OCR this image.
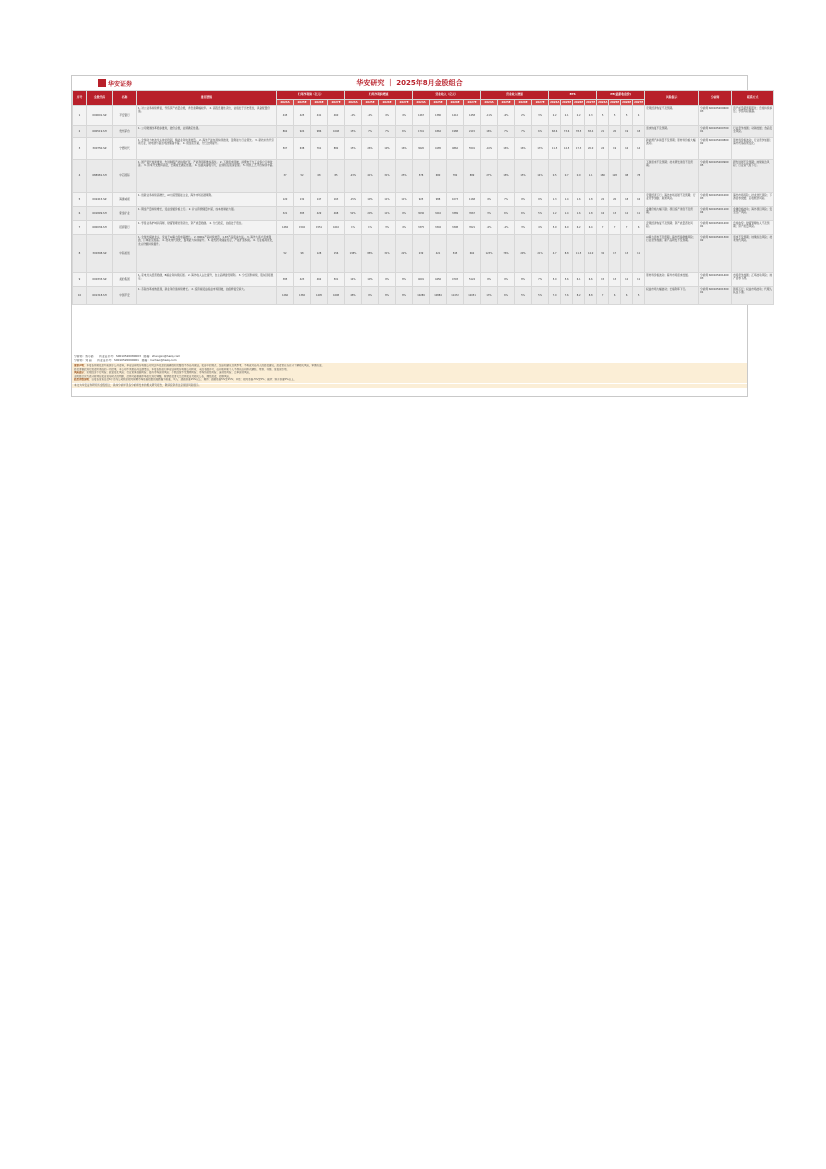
华安证券	华安研究 ｜ 2025年8月金股组合
序号	金股代码	名称	推荐逻辑	归母净利润（亿元）				归母净利润增速				营业收入（亿元）				营业收入增速				EPS				PE(最新收盘价)				风险提示	分析师	联系方式
				2024A	2025E	2026E	2027E	2024A	2025E	2026E	2027E	2024A	2025E	2026E	2027E	2024A	2025E	2026E	2027E	2024A	2025E	2026E	2027E	2024A	2025E	2026E	2027E			
1	000001.SZ	平安银行	1. 对公业务持续修复，零售资产质量企稳，净息差降幅收窄。 2. 高股息属性突出，估值处于历史低位，具备配置价值。	445	425	441	460	-4%	-4%	4%	4%	1467	1380	1412	1458	-11%	-6%	2%	3%	2.2	2.1	2.2	2.3	5	5	5	4	宏观经济恢复不及预期。	分析师 S0010520060003	资产质量超预期恶化；息差持续承压；零售风险暴露。
2	600519.SH	贵州茅台	1. 公司渠道改革稳步推进，批价企稳，业绩确定性强。	862	924	986	1048	15%	7%	7%	6%	1741	1862	1988	2115	16%	7%	7%	6%	68.6	73.6	78.5	83.4	21	20	19	18	需求恢复不及预期。	分析师 S0010520070001	行业竞争加剧；动销放缓；食品安全风险。
3	300750.SZ	宁德时代	1. 全球动力电池龙头地位稳固，储能业务快速放量。 2. 海外产能布局持续推进，盈利能力行业领先。 3. 新技术迭代引领行业，钠电池与固态电池储备丰富。 4. 现金流充裕，分红比例提升。	507	638	761	882	15%	26%	19%	16%	3620	4185	4862	5501	-10%	16%	16%	13%	11.5	14.5	17.3	20.0	24	19	16	14	新能源汽车销量不及预期；原材料价格大幅波动。	分析师 S0010520080002	原材料价格波动；行业竞争加剧；海外贸易政策变化。
4	688981.SH	中芯国际	1. 国产替代加速推进，先进制程产能持续扩张，产能利用率维持高位。 2. 下游需求回暖，消费电子与工业客户订单改善。 3. 资本开支维持高位，长期成长确定性强。 4. 估值具备吸引力，业绩拐点逐步显现。 5. 特色工艺平台持续丰富。	37	52	68	85	-23%	41%	31%	25%	578	680	782	889	27%	18%	15%	14%	0.5	0.7	0.9	1.1	180	128	98	78	下游需求不及预期；技术研发进度不及预期。	分析师 S0010520090005	研发进展不及预期；地缘政治风险；行业景气度下行。
5	002415.SZ	海康威视	1. 创新业务持续高增长，AI大模型赋能主业，海外市场拓展顺利。	120	132	147	163	-15%	10%	11%	11%	925	988	1073	1168	4%	7%	9%	9%	1.3	1.4	1.6	1.8	22	20	18	16	宏观经济下行；海外市场拓展不及预期；行业竞争加剧；政策风险。	分析师 S0010520100003	海外市场风险；技术迭代风险；下游需求放缓；应收账款风险。
6	601899.SH	紫金矿业	1. 铜金产量持续增长，受益金属价格上行。 2. 矿山资源储量丰富，成本控制能力强。	321	385	429	468	52%	20%	11%	9%	3036	3210	3389	3567	3%	6%	6%	5%	1.2	1.4	1.6	1.8	16	13	12	11	金属价格大幅下跌；项目投产进度不及预期。	分析师 S0010520110004	金属价格波动；海外项目风险；安全生产风险。
7	600036.SH	招商银行	1. 零售业务护城河深厚，财富管理优势突出，资产质量稳健。 2. 分红稳定，估值处于低位。	1484	1502	1551	1610	1%	1%	3%	4%	3375	3302	3398	3521	-0%	-2%	3%	4%	5.9	6.0	6.2	6.4	7	7	7	6	宏观经济恢复不及预期；资产质量恶化风险。	分析师 S0010520120001	息差收窄；财富管理收入不及预期；资产质量风险。
8	300308.SZ	中际旭创	1. 全球光模块龙头，受益于AI算力需求高增长。 2. 800G产品持续放量，1.6T产品逐步出货。 3. 海外大客户需求强劲，订单能见度高。 4. 技术迭代领先，盈利能力持续提升。 5. 硅光技术储备充足，产能扩张积极。 6. 行业格局优化，龙头份额持续提升。	52	98	128	156	138%	88%	31%	22%	239	421	545	662	123%	76%	29%	21%	4.7	8.8	11.5	14.0	32	17	13	11	AI算力需求不及预期；海外贸易摩擦风险；行业竞争加剧；新产品研发不及预期。	分析师 S0010520130002	需求不及预期；地缘政治风险；技术迭代风险。
9	000333.SZ	美的集团	1. 家电龙头经营稳健，B端业务持续拓展。 2. 海外收入占比提升，自主品牌建设顺利。 3. 分红回购持续，股东回报稳定。	385	423	462	501	14%	10%	9%	8%	4091	4456	4793	5124	9%	9%	8%	7%	5.0	5.6	6.1	6.6	15	13	12	11	原材料价格波动；海外市场需求放缓。	分析师 S0010520140003	市场竞争加剧；汇率波动风险；地产需求下滑。
10	601318.SH	中国平安	1. 寿险改革成效显现，新业务价值持续增长。 2. 投资端受益权益市场回暖，估值修复空间大。	1266	1382	1495	1608	48%	9%	8%	8%	10289	10884	11472	12051	13%	6%	5%	5%	7.0	7.6	8.2	8.8	7	6	6	5	权益市场大幅波动；长端利率下行。	分析师 S0010520150001	利率下行；权益市场波动；代理人队伍下滑。
分析师：郑小霞　　执业证书号：S0010520080003　邮箱：zhengxx@hazq.com
分析师：刘 超　　执业证书号：S0010520090001　邮箱：liuchao@hazq.com
重要声明：本报告所载信息均来源于公开资料，华安证券股份有限公司对这些信息的准确性和完整性不作任何保证。报告中的观点、结论和建议仅供参考，不构成对任何人的投资建议。投资者应当充分了解相关风险，审慎决策。
投资者据此进行投资所造成的一切后果，本公司不承担任何法律责任。本报告版权归华安证券股份有限公司所有，未经书面许可，任何机构和个人不得以任何形式翻版、复制、刊登、发表或引用。
风险提示：宏观经济下行风险；政策变化风险；行业竞争加剧风险；海外市场波动风险；个股经营不及预期风险；市场系统性风险；流动性风险；汇率波动风险。
金股组合仅代表分析师在报告发布时点的判断，后续可能根据市场变化进行调整，敬请投资者关注后续报告及相关公告，理性投资，控制风险。
投资评级说明：以报告发布日后6个月内公司股价相对同期市场基准指数的涨跌幅为标准，买入：超越基准15%以上；增持：超越基准5%至15%；中性：相对基准-5%至5%；减持：弱于基准5%以上。
本文为华安证券研究所金股组合，具体分析详见各分析师发布的相关研究报告，敬请投资者注意阅读风险提示。
